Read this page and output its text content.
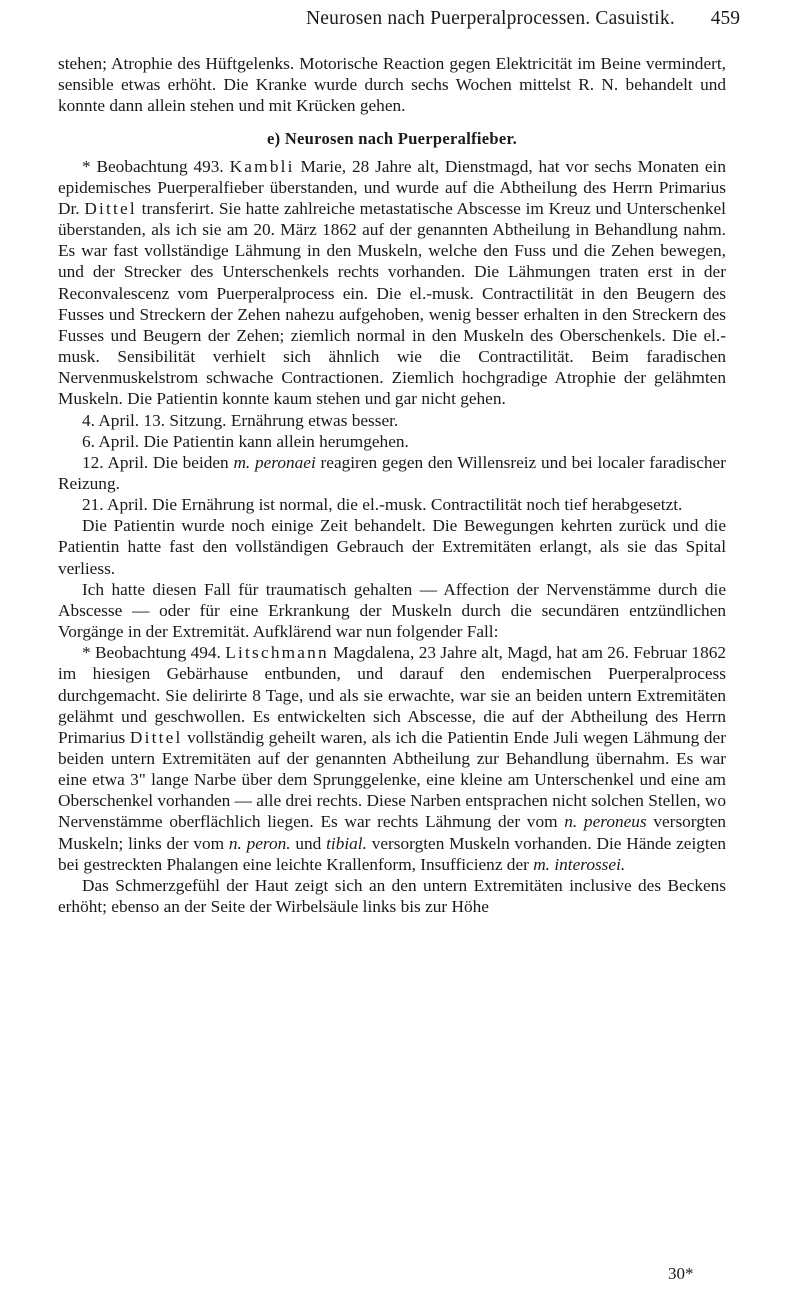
Neurosen nach Puerperalprocessen. Casuistik. 459

stehen; Atrophie des Hüftgelenks. Motorische Reaction gegen Elektricität im Beine vermindert, sensible etwas erhöht. Die Kranke wurde durch sechs Wochen mittelst R. N. behandelt und konnte dann allein stehen und mit Krücken gehen.

e) Neurosen nach Puerperalfieber.

* Beobachtung 493. Kambli Marie, 28 Jahre alt, Dienstmagd, hat vor sechs Monaten ein epidemisches Puerperalfieber überstanden, und wurde auf die Abtheilung des Herrn Primarius Dr. Dittel transferirt. Sie hatte zahlreiche metastatische Abscesse im Kreuz und Unterschenkel überstanden, als ich sie am 20. März 1862 auf der genannten Abtheilung in Behandlung nahm. Es war fast vollständige Lähmung in den Muskeln, welche den Fuss und die Zehen bewegen, und der Strecker des Unterschenkels rechts vorhanden. Die Lähmungen traten erst in der Reconvalescenz vom Puerperalprocess ein. Die el.-musk. Contractilität in den Beugern des Fusses und Streckern der Zehen nahezu aufgehoben, wenig besser erhalten in den Streckern des Fusses und Beugern der Zehen; ziemlich normal in den Muskeln des Oberschenkels. Die el.-musk. Sensibilität verhielt sich ähnlich wie die Contractilität. Beim faradischen Nervenmuskelstrom schwache Contractionen. Ziemlich hochgradige Atrophie der gelähmten Muskeln. Die Patientin konnte kaum stehen und gar nicht gehen.

4. April. 13. Sitzung. Ernährung etwas besser.

6. April. Die Patientin kann allein herumgehen.

12. April. Die beiden m. peronaei reagiren gegen den Willensreiz und bei localer faradischer Reizung.

21. April. Die Ernährung ist normal, die el.-musk. Contractilität noch tief herabgesetzt.

Die Patientin wurde noch einige Zeit behandelt. Die Bewegungen kehrten zurück und die Patientin hatte fast den vollständigen Gebrauch der Extremitäten erlangt, als sie das Spital verliess.

Ich hatte diesen Fall für traumatisch gehalten — Affection der Nervenstämme durch die Abscesse — oder für eine Erkrankung der Muskeln durch die secundären entzündlichen Vorgänge in der Extremität. Aufklärend war nun folgender Fall:

* Beobachtung 494. Litschmann Magdalena, 23 Jahre alt, Magd, hat am 26. Februar 1862 im hiesigen Gebärhause entbunden, und darauf den endemischen Puerperalprocess durchgemacht. Sie delirirte 8 Tage, und als sie erwachte, war sie an beiden untern Extremitäten gelähmt und geschwollen. Es entwickelten sich Abscesse, die auf der Abtheilung des Herrn Primarius Dittel vollständig geheilt waren, als ich die Patientin Ende Juli wegen Lähmung der beiden untern Extremitäten auf der genannten Abtheilung zur Behandlung übernahm. Es war eine etwa 3" lange Narbe über dem Sprunggelenke, eine kleine am Unterschenkel und eine am Oberschenkel vorhanden — alle drei rechts. Diese Narben entsprachen nicht solchen Stellen, wo Nervenstämme oberflächlich liegen. Es war rechts Lähmung der vom n. peroneus versorgten Muskeln; links der vom n. peron. und tibial. versorgten Muskeln vorhanden. Die Hände zeigten bei gestreckten Phalangen eine leichte Krallenform, Insufficienz der m. interossei.

Das Schmerzgefühl der Haut zeigt sich an den untern Extremitäten inclusive des Beckens erhöht; ebenso an der Seite der Wirbelsäule links bis zur Höhe

30*
